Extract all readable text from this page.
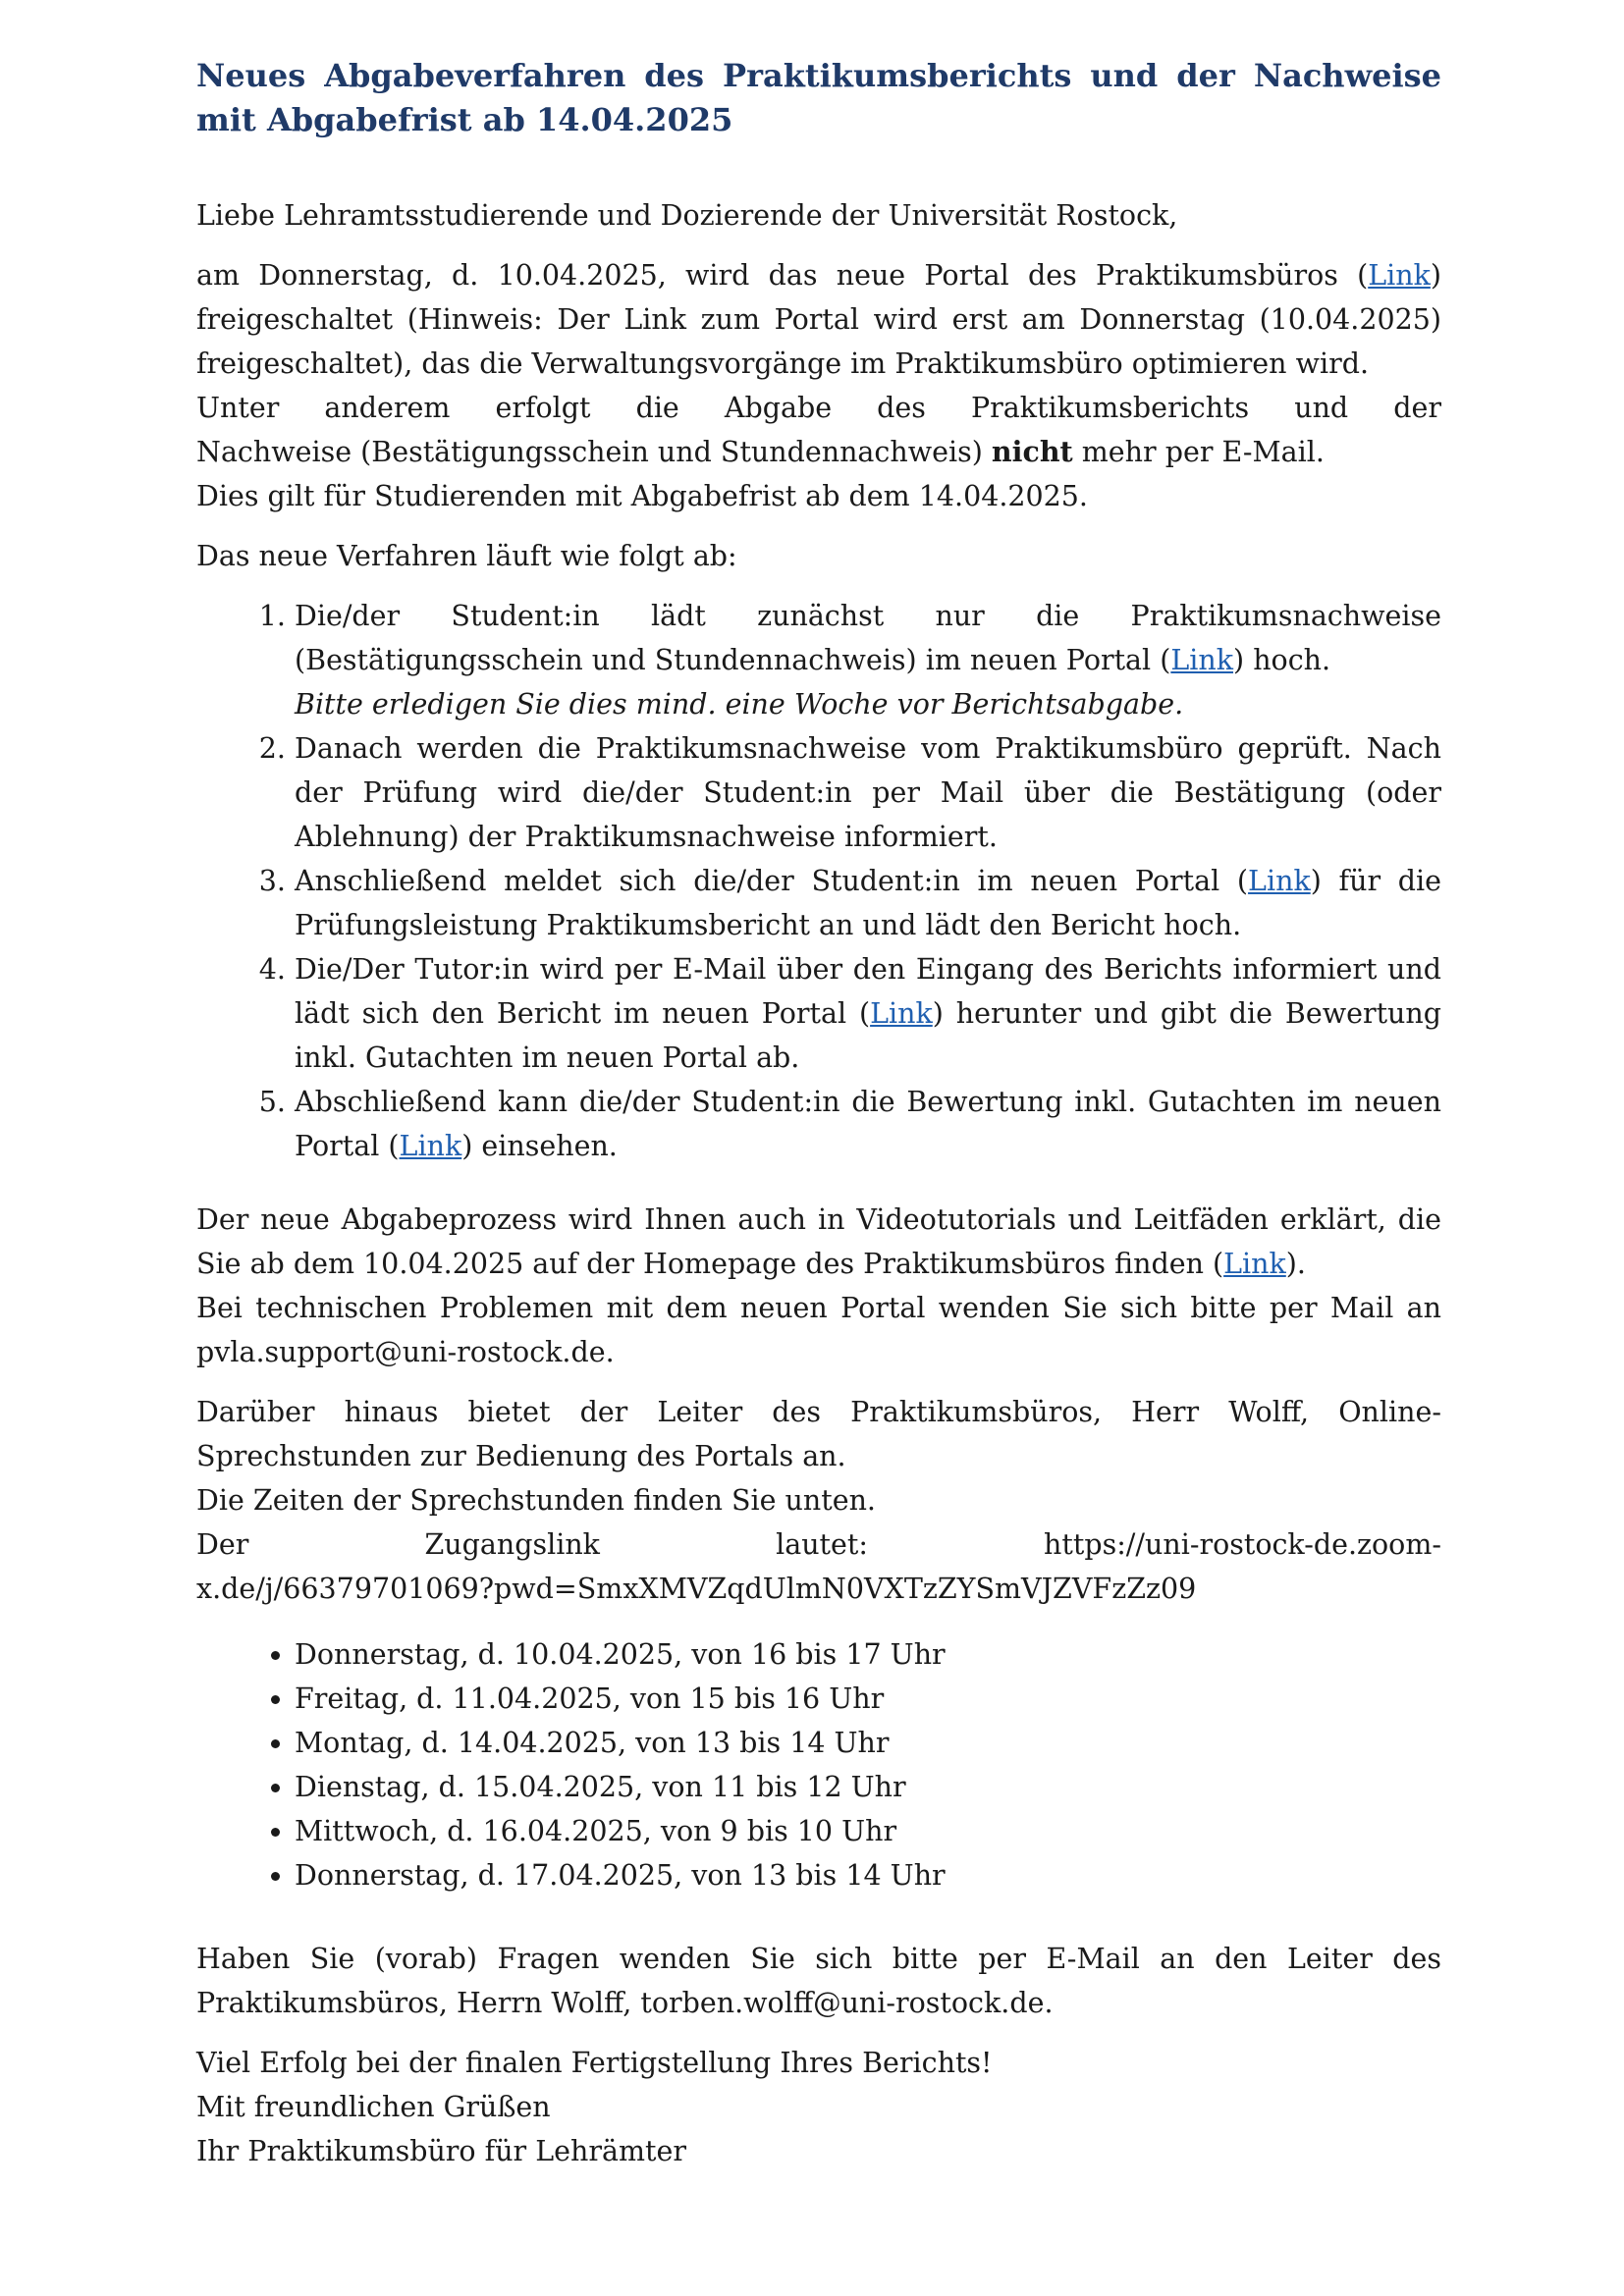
Neues Abgabeverfahren des Praktikumsberichts und der Nachweise mit Abgabefrist ab 14.04.2025

Liebe Lehramtsstudierende und Dozierende der Universität Rostock,

am Donnerstag, d. 10.04.2025, wird das neue Portal des Praktikumsbüros (Link) freigeschaltet (Hinweis: Der Link zum Portal wird erst am Donnerstag (10.04.2025) freigeschaltet), das die Verwaltungsvorgänge im Praktikumsbüro optimieren wird.

Unter anderem erfolgt die Abgabe des Praktikumsberichts und der
Nachweise (Bestätigungsschein und Stundennachweis) nicht mehr per E-Mail.

Dies gilt für Studierenden mit Abgabefrist ab dem 14.04.2025.

Das neue Verfahren läuft wie folgt ab:

1. Die/der Student:in lädt zunächst nur die Praktikumsnachweise (Bestätigungsschein und Stundennachweis) im neuen Portal (Link) hoch.
Bitte erledigen Sie dies mind. eine Woche vor Berichtsabgabe.
2. Danach werden die Praktikumsnachweise vom Praktikumsbüro geprüft. Nach der Prüfung wird die/der Student:in per Mail über die Bestätigung (oder Ablehnung) der Praktikumsnachweise informiert.
3. Anschließend meldet sich die/der Student:in im neuen Portal (Link) für die Prüfungsleistung Praktikumsbericht an und lädt den Bericht hoch.
4. Die/Der Tutor:in wird per E-Mail über den Eingang des Berichts informiert und lädt sich den Bericht im neuen Portal (Link) herunter und gibt die Bewertung inkl. Gutachten im neuen Portal ab.
5. Abschließend kann die/der Student:in die Bewertung inkl. Gutachten im neuen Portal (Link) einsehen.

Der neue Abgabeprozess wird Ihnen auch in Videotutorials und Leitfäden erklärt, die Sie ab dem 10.04.2025 auf der Homepage des Praktikumsbüros finden (Link).

Bei technischen Problemen mit dem neuen Portal wenden Sie sich bitte per Mail an pvla.support@uni-rostock.de.

Darüber hinaus bietet der Leiter des Praktikumsbüros, Herr Wolff, Online-Sprechstunden zur Bedienung des Portals an.

Die Zeiten der Sprechstunden finden Sie unten.
Der Zugangslink lautet: https://uni-rostock-de.zoom-
x.de/j/66379701069?pwd=SmxXMVZqdUlmN0VXTzZYSmVJZVFzZz09
• Donnerstag, d. 10.04.2025, von 16 bis 17 Uhr
• Freitag, d. 11.04.2025, von 15 bis 16 Uhr
• Montag, d. 14.04.2025, von 13 bis 14 Uhr
• Dienstag, d. 15.04.2025, von 11 bis 12 Uhr
• Mittwoch, d. 16.04.2025, von 9 bis 10 Uhr
• Donnerstag, d. 17.04.2025, von 13 bis 14 Uhr

Haben Sie (vorab) Fragen wenden Sie sich bitte per E-Mail an den Leiter des Praktikumsbüros, Herrn Wolff, torben.wolff@uni-rostock.de.

Viel Erfolg bei der finalen Fertigstellung Ihres Berichts!

Mit freundlichen Grüßen

Ihr Praktikumsbüro für Lehrämter
